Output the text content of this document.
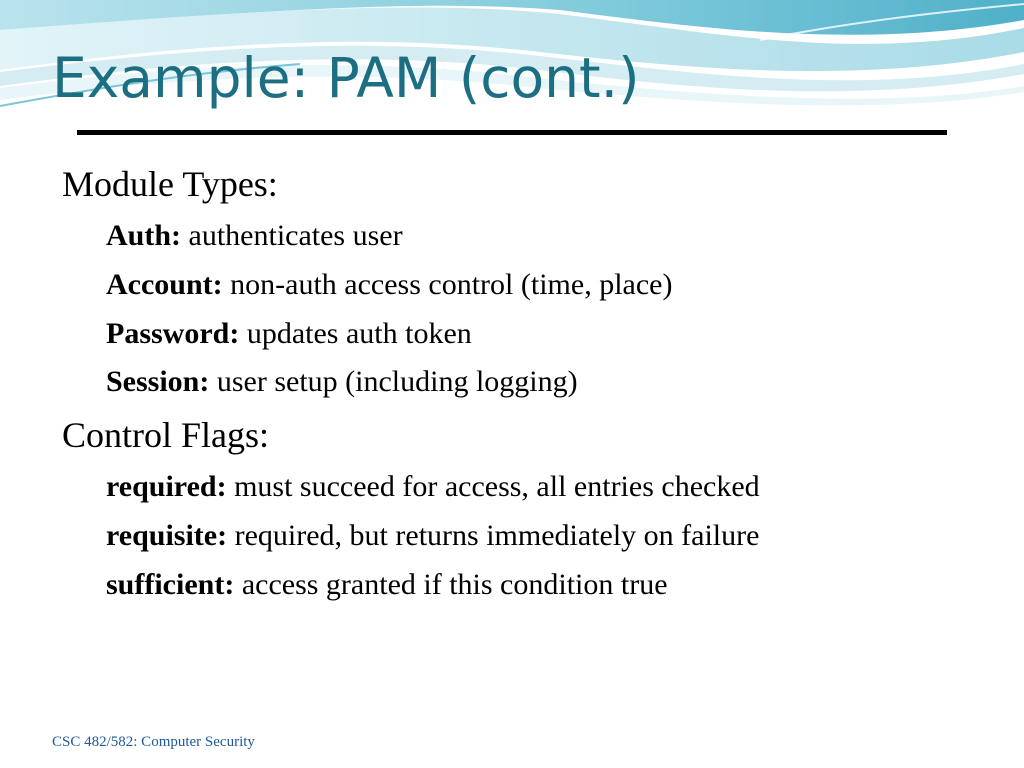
Example: PAM (cont.)
Module Types:
Auth: authenticates user
Account: non-auth access control (time, place)
Password: updates auth token
Session: user setup (including logging)
Control Flags:
required: must succeed for access, all entries checked
requisite: required, but returns immediately on failure
sufficient: access granted if this condition true
CSC 482/582: Computer Security
